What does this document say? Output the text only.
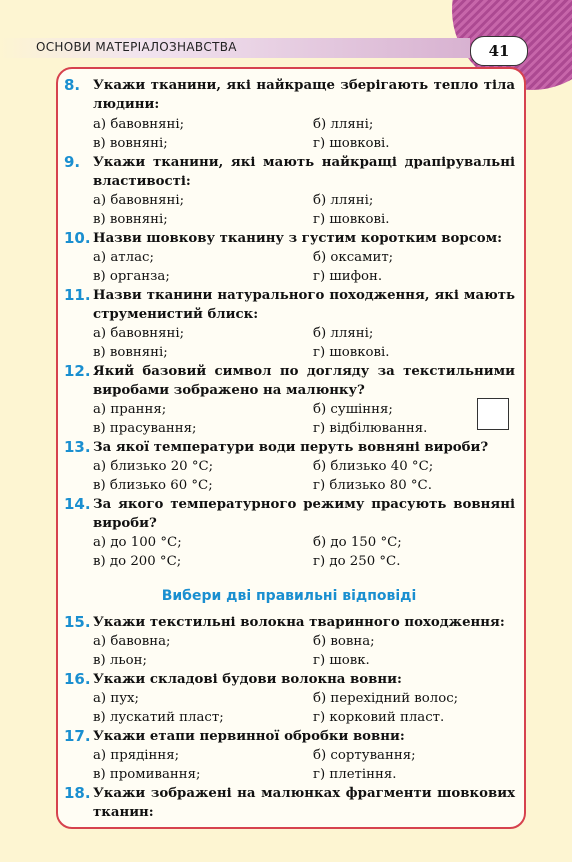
ОСНОВИ МАТЕРІАЛОЗНАВСТВА	41
8. Укажи тканини, які найкраще зберігають тепло тіла людини:
а) бавовняні;	б) лляні;
в) вовняні;	г) шовкові.
9. Укажи тканини, які мають найкращі драпірувальні властивості:
а) бавовняні;	б) лляні;
в) вовняні;	г) шовкові.
10. Назви шовкову тканину з густим коротким ворсом:
а) атлас;	б) оксамит;
в) органза;	г) шифон.
11. Назви тканини натурального походження, які мають струменистий блиск:
а) бавовняні;	б) лляні;
в) вовняні;	г) шовкові.
12. Який базовий символ по догляду за текстильними виробами зображено на малюнку?
а) прання;	б) сушіння;
в) прасування;	г) відбілювання.
13. За якої температури води перуть вовняні вироби?
а) близько 20 °С;	б) близько 40 °С;
в) близько 60 °С;	г) близько 80 °С.
14. За якого температурного режиму прасують вовняні вироби?
а) до 100 °С;	б) до 150 °С;
в) до 200 °С;	г) до 250 °С.
Вибери дві правильні відповіді
15. Укажи текстильні волокна тваринного походження:
а) бавовна;	б) вовна;
в) льон;	г) шовк.
16. Укажи складові будови волокна вовни:
а) пух;	б) перехідний волос;
в) лускатий пласт;	г) корковий пласт.
17. Укажи етапи первинної обробки вовни:
а) прядіння;	б) сортування;
в) промивання;	г) плетіння.
18. Укажи зображені на малюнках фрагменти шовкових тканин:
